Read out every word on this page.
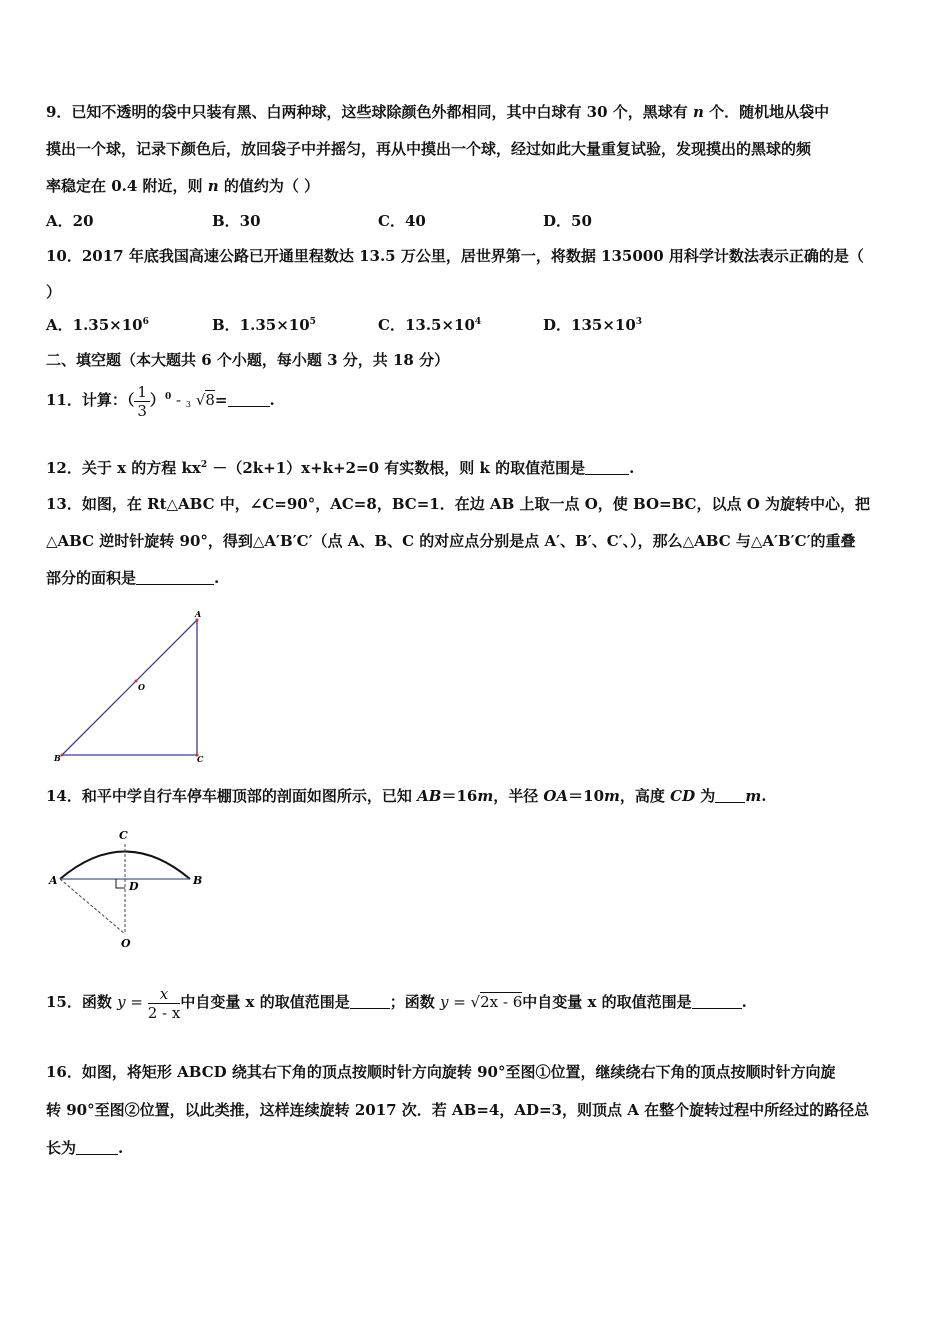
9．已知不透明的袋中只装有黑、白两种球，这些球除颜色外都相同，其中白球有 30 个，黑球有 n 个．随机地从袋中
摸出一个球，记录下颜色后，放回袋子中并摇匀，再从中摸出一个球，经过如此大量重复试验，发现摸出的黑球的频
率稳定在 0.4 附近，则 n 的值约为（ ）
A．20	B．30	C．40	D．50
10．2017 年底我国高速公路已开通里程数达 13.5 万公里，居世界第一，将数据 135000 用科学计数法表示正确的是（
）
A．$1.35\times 10^6$	B．$1.35\times 10^5$	C．$13.5\times 10^4$	D．$135\times 10^3$
二、填空题（本大题共 6 个小题，每小题 3 分，共 18 分）
11．计算：（ $\frac{1}{3} )^0 - 3$ √8=	.
12．关于 x 的方程 $kx^2 -(2k+1)x+k+2=0$ 有实数根，则 k 的取值范围是	.
13．如图，在 Rt△ABC 中，∠C=90°，AC=8，BC=1．在边 AB 上取一点 O，使 BO=BC，以点 O 为旋转中心，把
△ABC 逆时针旋转 90°，得到△A′B′C′（点 A、B、C 的对应点分别是点 A′、B′、C′、），那么△ABC 与△A′B′C′的重叠
部分的面积是	.
A
B	C
O
14．和平中学自行车停车棚顶部的剖面如图所示，已知 AB＝16m，半径 OA＝10m，高度 CD 为 m.
C
A	B
D
O
15．函数 $y = \frac{x}{2 - x}$ 中自变量 x 的取值范围是	；函数 y = √2x - 6中自变量 x 的取值范围是	.
16．如图，将矩形 ABCD 绕其右下角的顶点按顺时针方向旋转 90°至图①位置，继续绕右下角的顶点按顺时针方向旋
转 90°至图②位置，以此类推，这样连续旋转 2017 次．若 AB=4，AD=3，则顶点 A 在整个旋转过程中所经过的路径总
长为	.
